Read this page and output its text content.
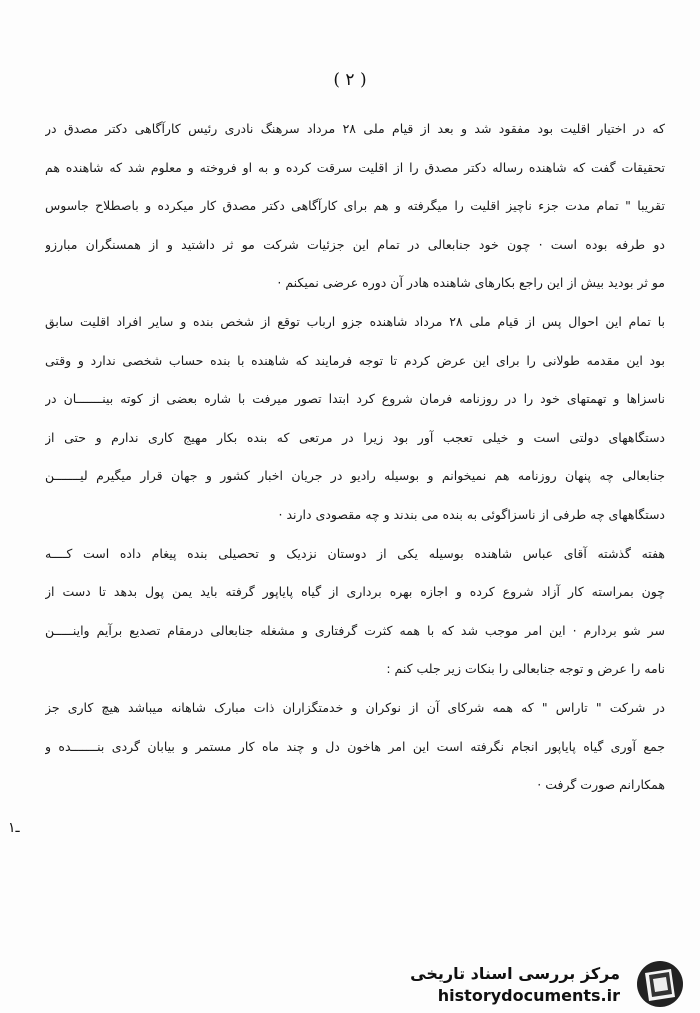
( ۲ )
که در اختیار اقلیت بود مفقود شد و بعد از قیام ملی ۲۸ مرداد سرهنگ نادری رئیس کارآگاهی دکتر مصدق در
تحقیقات گفت که شاهنده رساله دکتر مصدق را از اقلیت سرقت کرده و به او فروخته و معلوم شد که شاهنده هم
تقریبا " تمام مدت جزء ناچیز اقلیت را میگرفته و هم برای کارآگاهی دکتر مصدق کار میکرده و باصطلاح جاسوس
دو طرفه بوده است · چون خود جنابعالی در تمام این جزئیات شرکت مو ثر داشتید و از همسنگران مبارزو
مو ثر بودید بیش از این راجع بکارهای شاهنده هادر آن دوره عرضی نمیکنم ·
با تمام این احوال پس از قیام ملی ۲۸ مرداد شاهنده جزو ارباب توقع از شخص بنده و سایر افراد اقلیت سابق
بود این مقدمه طولانی را برای این عرض کردم تا توجه فرمایند که شاهنده با بنده حساب شخصی ندارد و وقتی
ناسزاها و تهمتهای خود را در روزنامه فرمان شروع کرد ابتدا تصور میرفت با شاره بعضی از کوته بینـــــــان در
دستگاههای دولتی است و خیلی تعجب آور بود زیرا در مرتعی که بنده بکار مهیج کاری ندارم و حتی از
جنابعالی چه پنهان روزنامه هم نمیخوانم و بوسیله رادیو در جریان اخبار کشور و جهان قرار میگیرم لیـــــــن
دستگاههای چه طرفی از ناسزاگوئی به بنده می بندند و چه مقصودی دارند ·
هفته گذشته آقای عباس شاهنده بوسیله یکی از دوستان نزدیک و تحصیلی بنده پیغام داده است کــــه
چون بمراسته کار آزاد شروع کرده و اجازه بهره برداری از گیاه پایاپور گرفته باید یمن پول بدهد تا دست از
سر شو بردارم · این امر موجب شد که با همه کثرت گرفتاری و مشغله جنابعالی درمقام تصدیع برآیم واینـــــن
نامه را عرض و توجه جنابعالی را بنکات زیر جلب کنم :
در شرکت " تاراس " که همه شرکای آن از نوکران و خدمتگزاران ذات مبارک شاهانه میباشد هیچ کاری جز
جمع آوری گیاه پایاپور انجام نگرفته است این امر هاخون دل و چند ماه کار مستمر و بیابان گردی بنـــــــده و
همکارانم صورت گرفت ·
۱ـ
مرکز بررسی اسناد تاریخی
historydocuments.ir
